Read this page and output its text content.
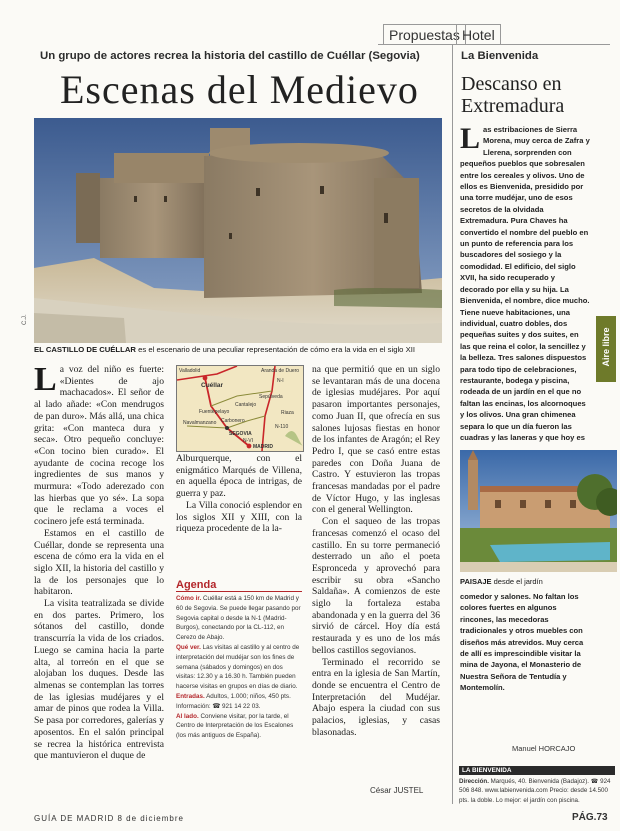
Propuestas Hotel
Un grupo de actores recrea la historia del castillo de Cuéllar (Segovia)
Escenas del Medievo
C.J.
EL CASTILLO DE CUÉLLAR es el escenario de una peculiar representación de cómo era la vida en el siglo XII

La voz del niño es fuerte: «Dientes de ajo machacados». El señor de al lado añade: «Con mendrugos de pan duro». Más allá, una chica grita: «Con manteca dura y seca». Otro pequeño concluye: «Con tocino bien curado». El ayudante de cocina recoge los ingredientes de sus manos y murmura: «Todo aderezado con las hierbas que yo sé». La sopa que le reclama a voces el cocinero jefe está terminada.

Estamos en el castillo de Cuéllar, donde se representa una escena de cómo era la vida en el siglo XII, la historia del castillo y la de los personajes que lo habitaron.

La visita teatralizada se divide en dos partes. Primero, los sótanos del castillo, donde transcurría la vida de los criados. Luego se camina hacia la parte alta, al torreón en el que se alojaban los duques. Desde las almenas se contemplan las torres de las iglesias mudéjares y el amar de pinos que rodea la Villa. Se pasa por corredores, galerías y aposentos. En el salón principal se recrea la histórica entrevista que mantuvieron el duque de

Valladolid	Aranda de Duero
Cuéllar
N-I
Fuentepelayo
Cantalejo
Sepúlveda
Navalmanzano Carbonero
SEGOVIA
N-VI
MADRID
N-110
Riaza

Alburquerque, con el enigmático Marqués de Villena, en aquella época de intrigas, de guerra y paz.

La Villa conoció esplendor en los siglos XII y XIII, con la riqueza procedente de la la-

Agenda

Cómo ir. Cuéllar está a 150 km de Madrid y 60 de Segovia. Se puede llegar pasando por Segovia capital o desde la N-1 (Madrid-Burgos), conectando por la CL-112, en Cerezo de Abajo.

Qué ver. Las visitas al castillo y al centro de interpretación del mudéjar son los fines de semana (sábados y domingos) en dos visitas: 12.30 y a 16.30 h. También pueden hacerse visitas en grupos en días de diario.

Entradas. Adultos, 1.000; niños, 450 pts. Información: ☎ 921 14 22 03.

Al lado. Conviene visitar, por la tarde, el Centro de Interpretación de los Escalones (los más antiguos de España).

na que permitió que en un siglo se levantaran más de una docena de iglesias mudéjares. Por aquí pasaron importantes personajes, como Juan II, que ofrecía en sus salones lujosas fiestas en honor de los infantes de Aragón; el Rey Pedro I, que se casó entre estas paredes con Doña Juana de Castro. Y estuvieron las tropas francesas mandadas por el padre de Víctor Hugo, y las inglesas con el general Wellington.

Con el saqueo de las tropas francesas comenzó el ocaso del castillo. En su torre permaneció desterrado un año el poeta Espronceda y aprovechó para escribir su obra «Sancho Saldaña». A comienzos de este siglo la fortaleza estaba abandonada y en la guerra del 36 sirvió de cárcel. Hoy día está restaurada y es uno de los más bellos castillos segovianos.

Terminado el recorrido se entra en la iglesia de San Martín, donde se encuentra el Centro de Interpretación del Mudéjar. Abajo espera la ciudad con sus palacios, iglesias, y casas blasonadas.

César JUSTEL
Aire libre
La Bienvenida
Descanso en
Extremadura

Las estribaciones de Sierra Morena, muy cerca de Zafra y Llerena, sorprenden con pequeños pueblos que sobresalen entre los cereales y olivos. Uno de ellos es Bienvenida, presidido por una torre mudéjar, uno de esos secretos de la olvidada Extremadura. Pura Chaves ha convertido el nombre del pueblo en un punto de referencia para los buscadores del sosiego y la comodidad. El edificio, del siglo XVII, ha sido recuperado y decorado por ella y su hija. La Bienvenida, el nombre, dice mucho. Tiene nueve habitaciones, una individual, cuatro dobles, dos pequeñas suites y dos suites, en las que reina el color, la sencillez y la belleza. Tres salones dispuestos para todo tipo de celebraciones, restaurante, bodega y piscina, rodeada de un jardín en el que no faltan las encinas, los alcornoques y los olivos. Una gran chimenea separa lo que un día fueron las cuadras y las laneras y que hoy es

PAISAJE desde el jardín

comedor y salones. No faltan los colores fuertes en algunos rincones, las mecedoras tradicionales y otros muebles con diseños más atrevidos. Muy cerca de allí es imprescindible visitar la mina de Jayona, el Monasterio de Nuestra Señora de Tentudía y Montemolín.

Manuel HORCAJO
LA BIENVENIDA
Dirección. Marqués, 40. Bienvenida (Badajoz). ☎ 924 506 848. www.labienvenida.com Precio: desde 14.500 pts. la doble. Lo mejor: el jardín con piscina.
GUÍA DE MADRID 8 de diciembre	PÁG.73
